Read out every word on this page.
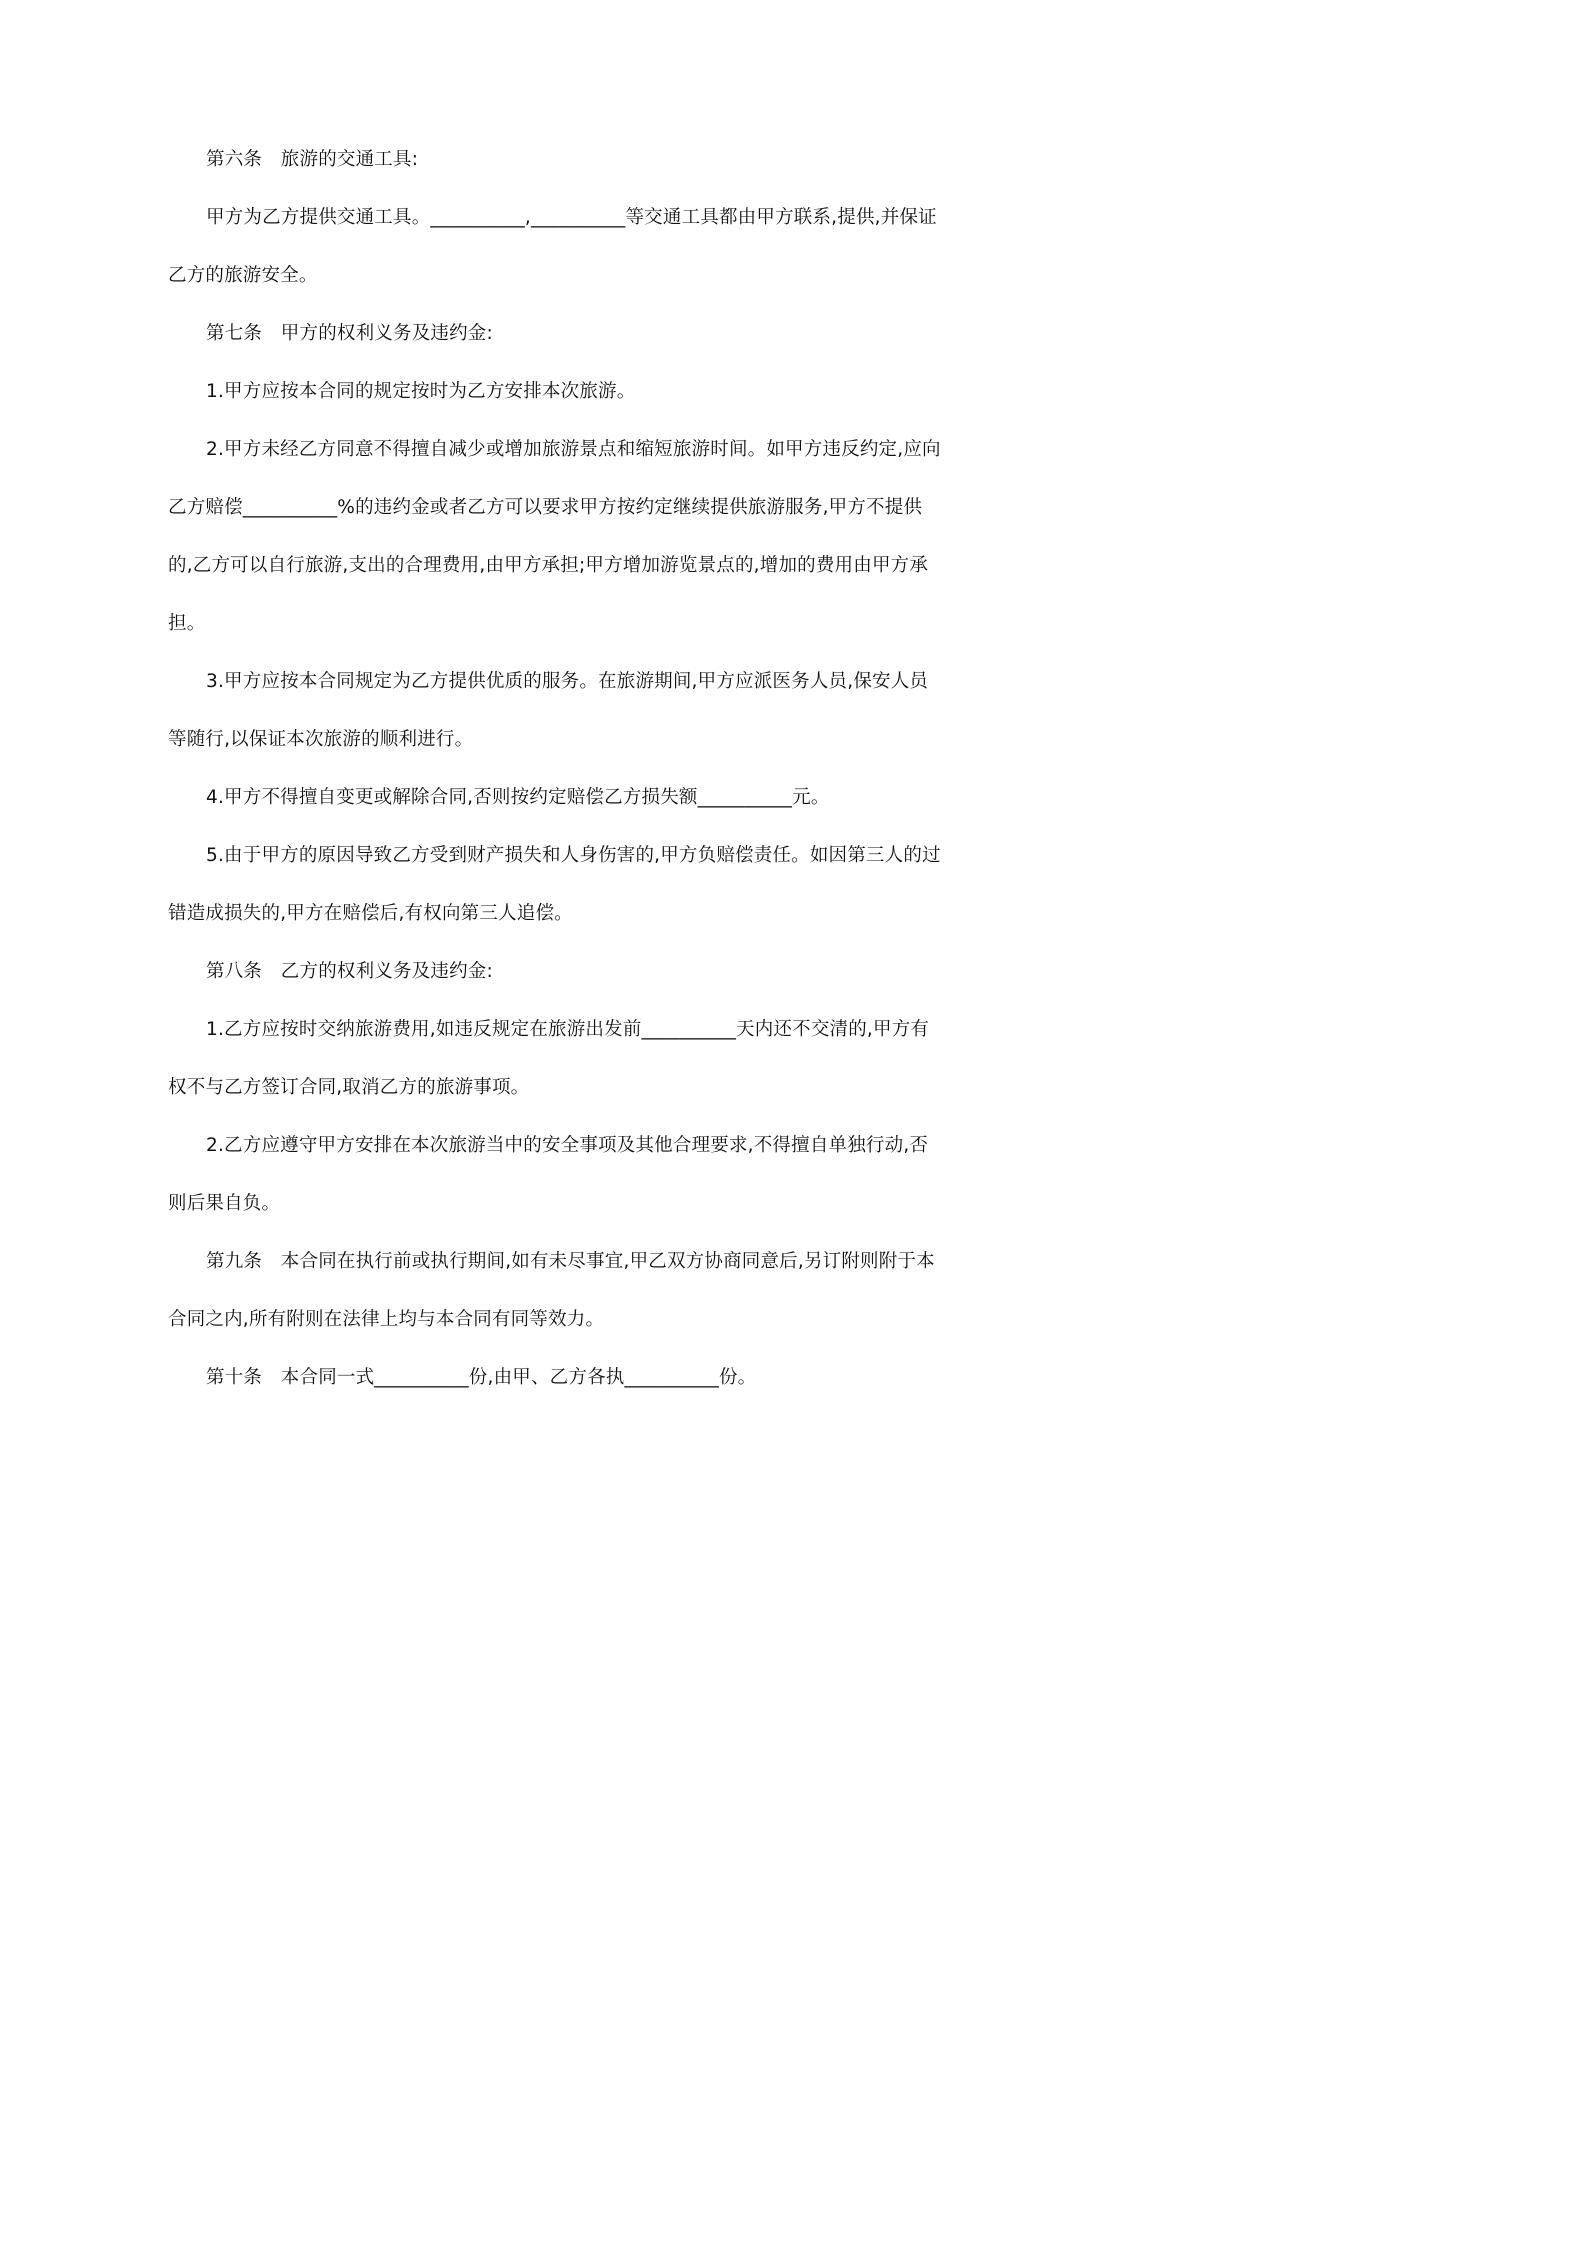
第六条　旅游的交通工具:

甲方为乙方提供交通工具。__________,__________等交通工具都由甲方联系,提供,并保证乙方的旅游安全。

第七条　甲方的权利义务及违约金:

1.甲方应按本合同的规定按时为乙方安排本次旅游。

2.甲方未经乙方同意不得擅自减少或增加旅游景点和缩短旅游时间。如甲方违反约定,应向乙方赔偿__________%的违约金或者乙方可以要求甲方按约定继续提供旅游服务,甲方不提供的,乙方可以自行旅游,支出的合理费用,由甲方承担;甲方增加游览景点的,增加的费用由甲方承担。

3.甲方应按本合同规定为乙方提供优质的服务。在旅游期间,甲方应派医务人员,保安人员等随行,以保证本次旅游的顺利进行。

4.甲方不得擅自变更或解除合同,否则按约定赔偿乙方损失额__________元。

5.由于甲方的原因导致乙方受到财产损失和人身伤害的,甲方负赔偿责任。如因第三人的过错造成损失的,甲方在赔偿后,有权向第三人追偿。

第八条　乙方的权利义务及违约金:

1.乙方应按时交纳旅游费用,如违反规定在旅游出发前__________天内还不交清的,甲方有权不与乙方签订合同,取消乙方的旅游事项。

2.乙方应遵守甲方安排在本次旅游当中的安全事项及其他合理要求,不得擅自单独行动,否则后果自负。

第九条　本合同在执行前或执行期间,如有未尽事宜,甲乙双方协商同意后,另订附则附于本合同之内,所有附则在法律上均与本合同有同等效力。

第十条　本合同一式__________份,由甲、乙方各执__________份。
